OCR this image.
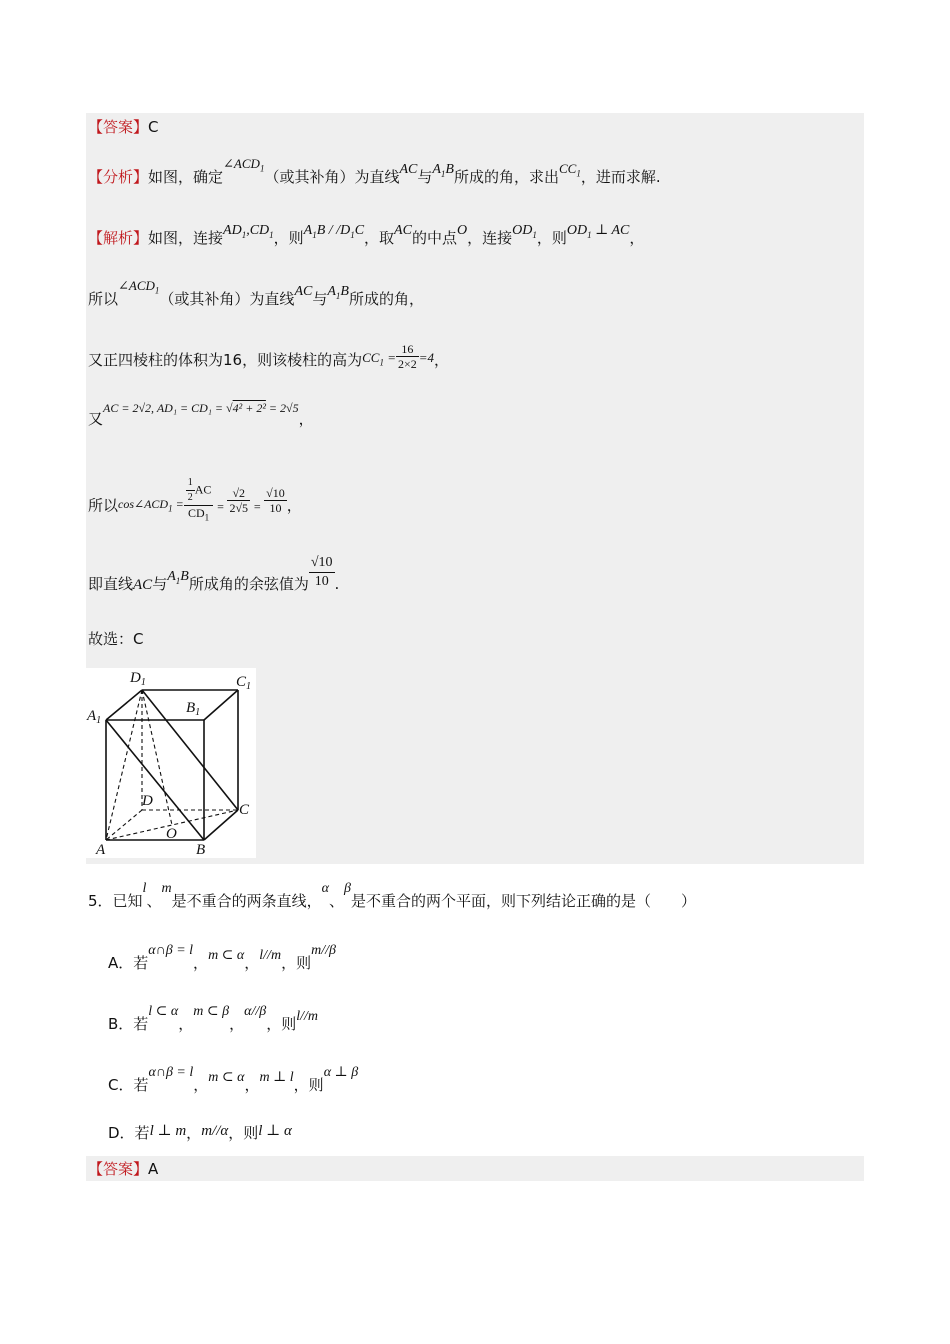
【答案】C
【分析】如图，确定$\angle ACD_1$（或其补角）为直线AC与$A_1B$所成的角，求出$CC_1$，进而求解.
【解析】如图，连接$AD_1,CD_1$，则$A_1B / /D_1C$，取AC的中点O，连接$OD_1$，则$OD_1$ ⊥ AC，
所以$\angle ACD_1$（或其补角）为直线AC与$A_1B$所成的角，
又正四棱柱的体积为16，则该棱柱的高为$CC_1 = \frac{16}{2\times 2} =4$，
又$^{AC = 2√2, AD_1 = CD_1 = √4^2 + 2^2 = 2√5}$，
所以$^{cos\angle ACD_1 =} \frac{\frac{1}{2} AC}{CD_1} = \frac{√2}{2√5} = \frac{√10}{10}$ ，
即直线AC与$A_1B$所成角的余弦值为 $\frac{√10}{10}$ .
故选：C
$D_1$	$C_1$
$A_1$
$B_1$
D
C
O
A	B
5．已知l、m是不重合的两条直线，α、β是不重合的两个平面，则下列结论正确的是（　　）
A．若α∩β = l，m ⊂ α，l//m，则m//β
B．若l ⊂ α，m ⊂ β，α//β，则l//m
C．若α∩β = l，m ⊂ α，m ⊥ l，则α ⊥ β
D．若l ⊥ m，m//α，则l ⊥ α
【答案】A
